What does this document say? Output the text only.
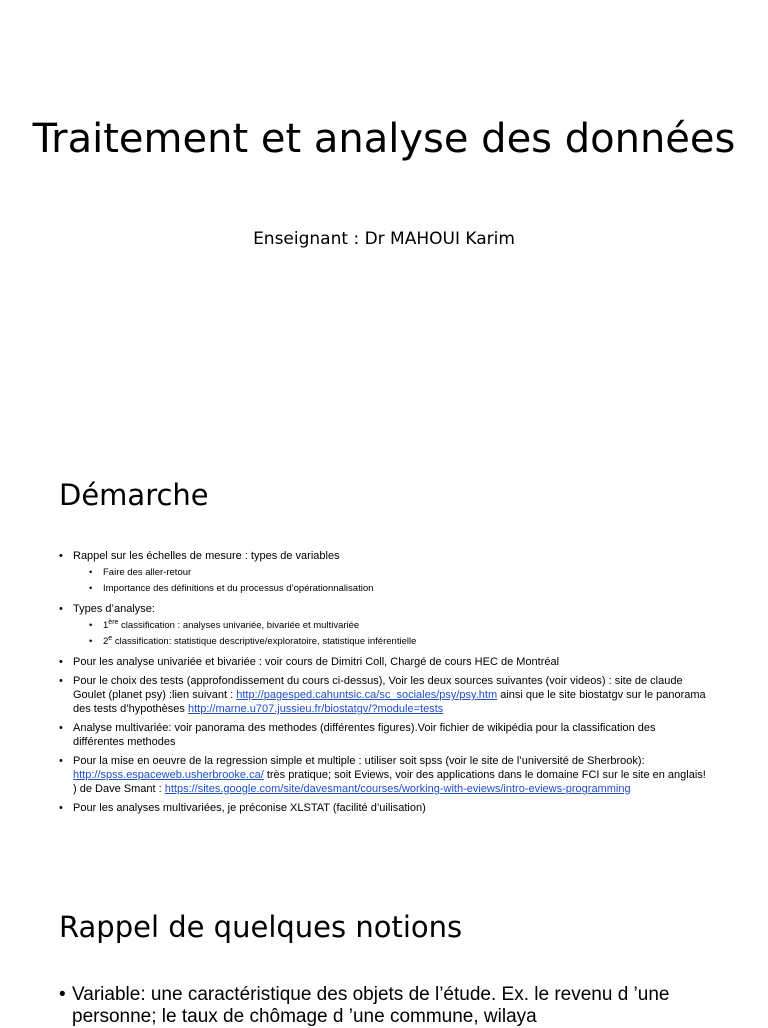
Traitement et analyse des données
Enseignant : Dr MAHOUI Karim
Démarche
• Rappel sur les échelles de mesure : types de variables
• Faire des aller-retour
• Importance des définitions et du processus d’opérationnalisation
• Types d’analyse:
• 1ère classification : analyses univariée, bivariée et multivariée
• 2e classification: statistique descriptive/exploratoire, statistique inférentielle
• Pour les analyse univariée et bivariée : voir cours de Dimitri Coll, Chargé de cours HEC de Montréal
• Pour le choix des tests (approfondissement du cours ci-dessus), Voir les deux sources suivantes (voir videos) : site de claude Goulet (planet psy) :lien suivant : http://pagesped.cahuntsic.ca/sc_sociales/psy/psy.htm ainsi que le site biostatgv sur le panorama des tests d’hypothèses http://marne.u707.jussieu.fr/biostatgv/?module=tests
• Analyse multivariée: voir panorama des methodes (différentes figures).Voir fichier de wikipédia pour la classification des différentes methodes
• Pour la mise en oeuvre de la regression simple et multiple : utiliser soit spss (voir le site de l’université de Sherbrook): http://spss.espaceweb.usherbrooke.ca/ très pratique; soit Eviews, voir des applications dans le domaine FCI sur le site en anglais! ) de Dave Smant : https://sites.google.com/site/davesmant/courses/working-with-eviews/intro-eviews-programming
• Pour les analyses multivariées, je préconise XLSTAT (facilité d’uilisation)
Rappel de quelques notions
• Variable: une caractéristique des objets de l’étude. Ex. le revenu d ’une personne; le taux de chômage d ’une commune, wilaya
